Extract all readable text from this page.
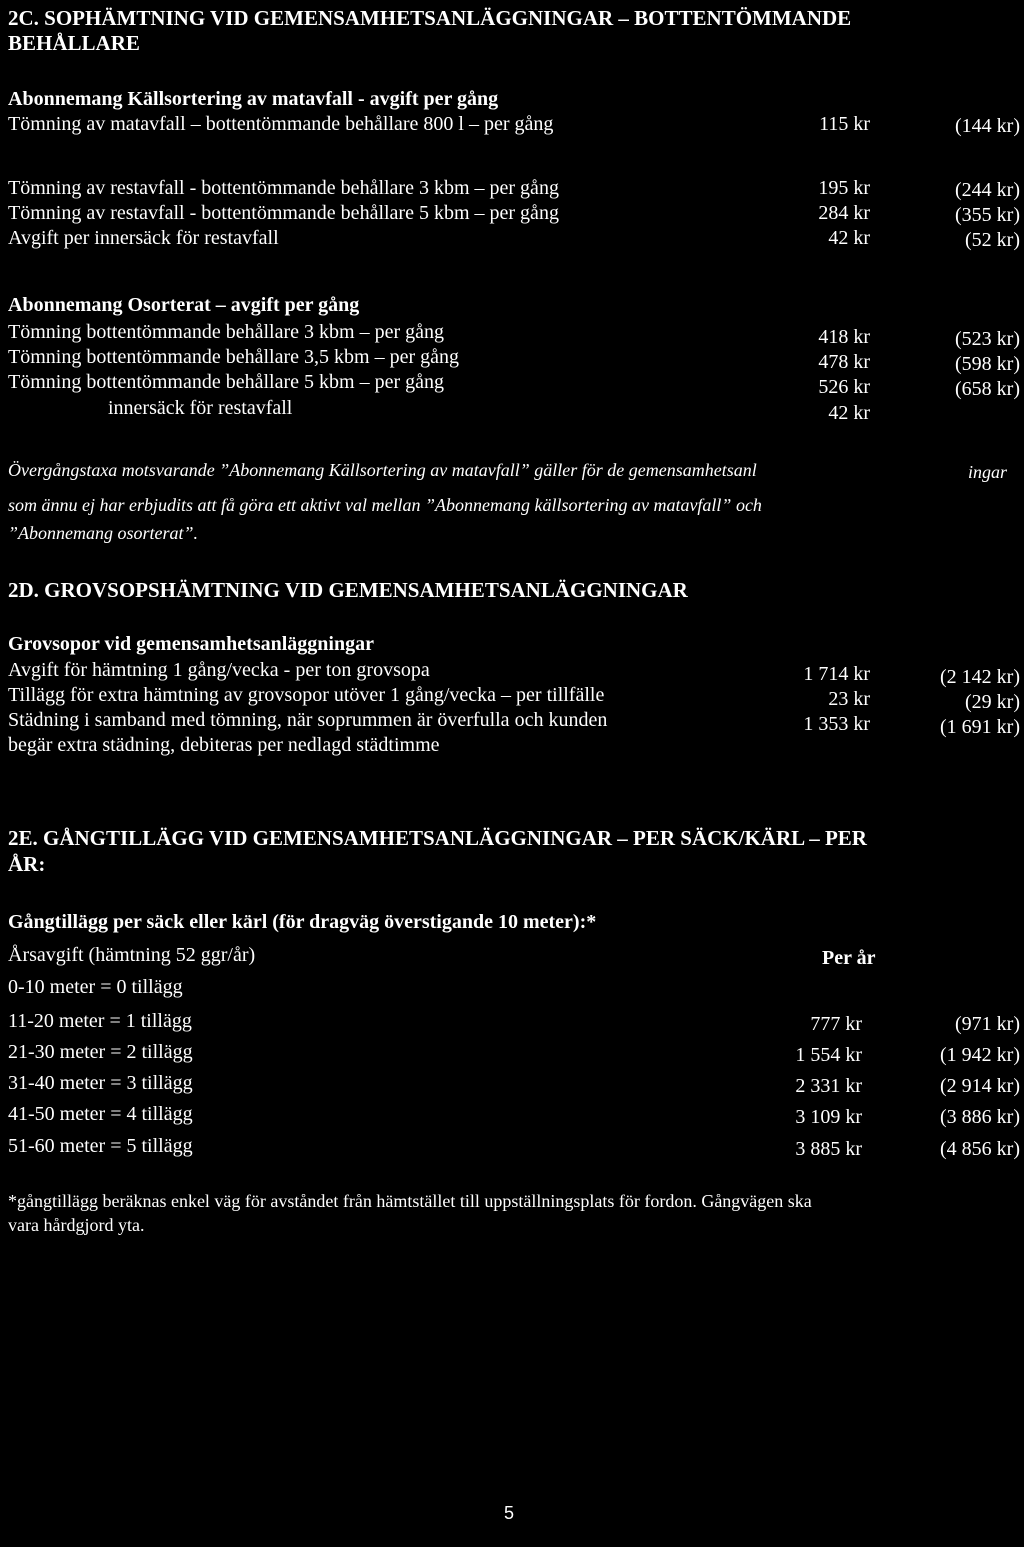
2C. SOPHÄMTNING VID GEMENSAMHETSANLÄGGNINGAR – BOTTENTÖMMANDE
BEHÅLLARE
Abonnemang Källsortering av matavfall - avgift per gång
Tömning av matavfall – bottentömmande behållare 800 l – per gång	115 kr	(144 kr)
Tömning av restavfall - bottentömmande behållare 3 kbm – per gång	195 kr	(244 kr)
Tömning av restavfall - bottentömmande behållare 5 kbm – per gång	284 kr	(355 kr)
Avgift per innersäck för restavfall	42 kr	(52 kr)
Abonnemang Osorterat – avgift per gång
Tömning bottentömmande behållare 3 kbm – per gång	418 kr	(523 kr)
Tömning bottentömmande behållare 3,5 kbm – per gång	478 kr	(598 kr)
Tömning bottentömmande behållare 5 kbm – per gång	526 kr	(658 kr)
innersäck för restavfall	42 kr
Övergångstaxa motsvarande ”Abonnemang Källsortering av matavfall” gäller för de gemensamhetsanl	ingar
som ännu ej har erbjudits att få göra ett aktivt val mellan ”Abonnemang källsortering av matavfall” och
”Abonnemang osorterat”.
2D. GROVSOPSHÄMTNING VID GEMENSAMHETSANLÄGGNINGAR
Grovsopor vid gemensamhetsanläggningar
Avgift för hämtning 1 gång/vecka - per ton grovsopa	1 714 kr	(2 142 kr)
Tillägg för extra hämtning av grovsopor utöver 1 gång/vecka – per tillfälle	23 kr	(29 kr)
Städning i samband med tömning, när soprummen är överfulla och kunden	1 353 kr	(1 691 kr)
begär extra städning, debiteras per nedlagd städtimme
2E. GÅNGTILLÄGG VID GEMENSAMHETSANLÄGGNINGAR – PER SÄCK/KÄRL – PER
ÅR:
Gångtillägg per säck eller kärl (för dragväg överstigande 10 meter):*
Årsavgift (hämtning 52 ggr/år)	Per år
0-10 meter = 0 tillägg
11-20 meter = 1 tillägg	777 kr	(971 kr)
21-30 meter = 2 tillägg	1 554 kr	(1 942 kr)
31-40 meter = 3 tillägg	2 331 kr	(2 914 kr)
41-50 meter = 4 tillägg	3 109 kr	(3 886 kr)
51-60 meter = 5 tillägg	3 885 kr	(4 856 kr)
*gångtillägg beräknas enkel väg för avståndet från hämtstället till uppställningsplats för fordon. Gångvägen ska
vara hårdgjord yta.
5
